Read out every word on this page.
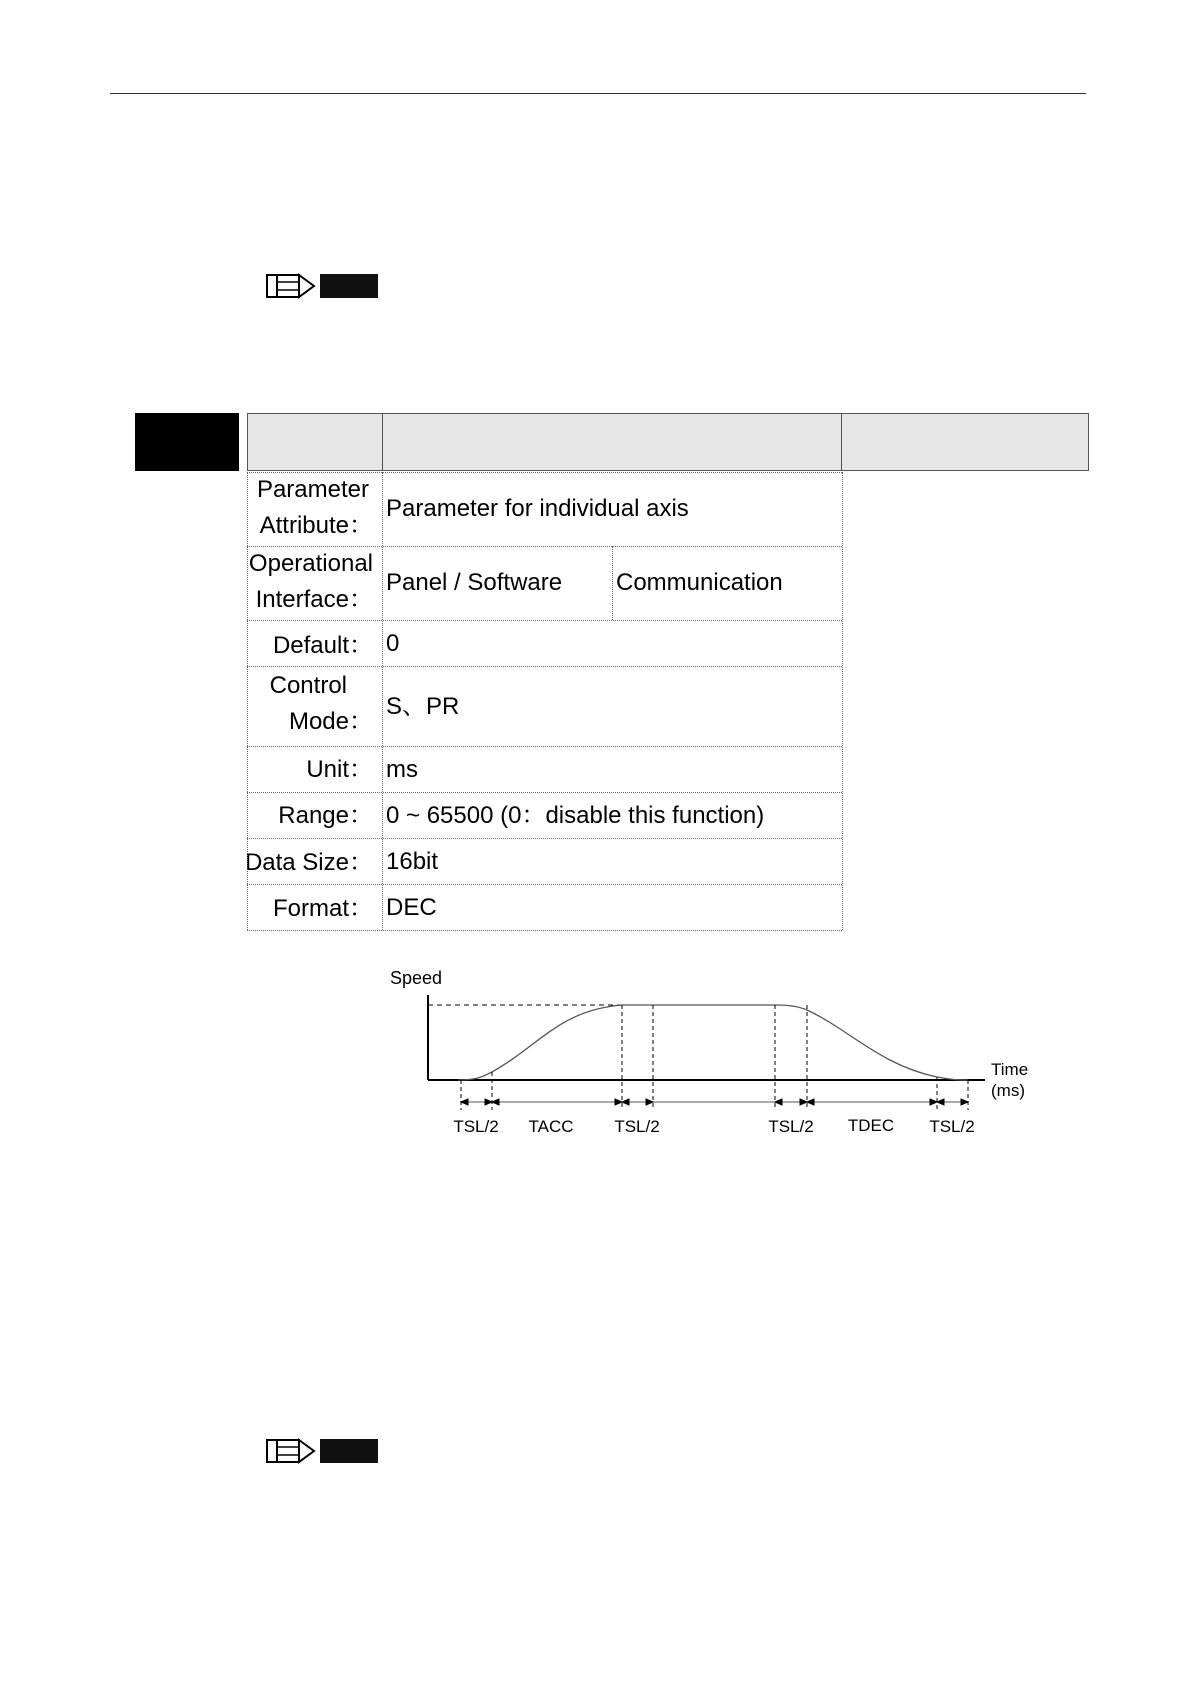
Parameter
Attribute：
Parameter for individual axis
Operational
Interface：
Panel / Software	Communication
Default： 0
Control
Mode：
S、PR
Unit： ms
Range： 0 ~ 65500 (0：disable this function)
Data Size： 16bit
Format： DEC
Speed
TSL/2 TACC TSL/2	TSL/2 TDEC TSL/2
Time
(ms)
